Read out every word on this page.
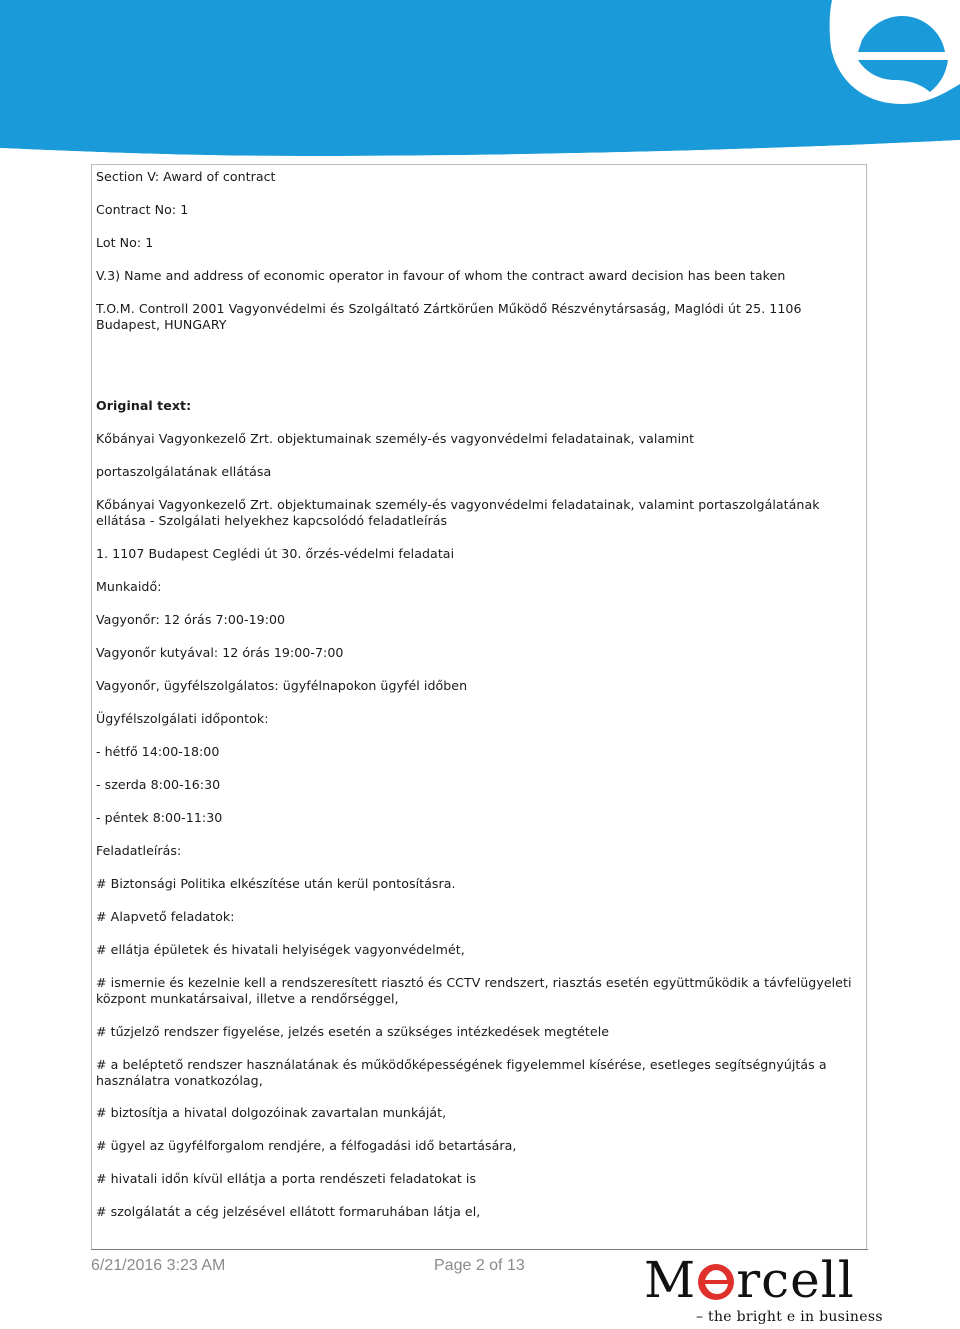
Section V: Award of contract
Contract No: 1
Lot No: 1
V.3) Name and address of economic operator in favour of whom the contract award decision has been taken
T.O.M. Controll 2001 Vagyonvédelmi és Szolgáltató Zártkörűen Működő Részvénytársaság, Maglódi út 25. 1106 Budapest, HUNGARY
Original text:
Kőbányai Vagyonkezelő Zrt. objektumainak személy-és vagyonvédelmi feladatainak, valamint
portaszolgálatának ellátása
Kőbányai Vagyonkezelő Zrt. objektumainak személy-és vagyonvédelmi feladatainak, valamint portaszolgálatának ellátása - Szolgálati helyekhez kapcsolódó feladatleírás
1. 1107 Budapest Ceglédi út 30. őrzés-védelmi feladatai
Munkaidő:
Vagyonőr: 12 órás 7:00-19:00
Vagyonőr kutyával: 12 órás 19:00-7:00
Vagyonőr, ügyfélszolgálatos: ügyfélnapokon ügyfél időben
Ügyfélszolgálati időpontok:
- hétfő 14:00-18:00
- szerda 8:00-16:30
- péntek 8:00-11:30
Feladatleírás:
# Biztonsági Politika elkészítése után kerül pontosításra.
# Alapvető feladatok:
# ellátja épületek és hivatali helyiségek vagyonvédelmét,
# ismernie és kezelnie kell a rendszeresített riasztó és CCTV rendszert, riasztás esetén együttműködik a távfelügyeleti központ munkatársaival, illetve a rendőrséggel,
# tűzjelző rendszer figyelése, jelzés esetén a szükséges intézkedések megtétele
# a beléptető rendszer használatának és működőképességének figyelemmel kísérése, esetleges segítségnyújtás a használatra vonatkozólag,
# biztosítja a hivatal dolgozóinak zavartalan munkáját,
# ügyel az ügyfélforgalom rendjére, a félfogadási idő betartására,
# hivatali időn kívül ellátja a porta rendészeti feladatokat is
# szolgálatát a cég jelzésével ellátott formaruhában látja el,
6/21/2016 3:23 AM	Page 2 of 13 M rcell
– the bright e in business
